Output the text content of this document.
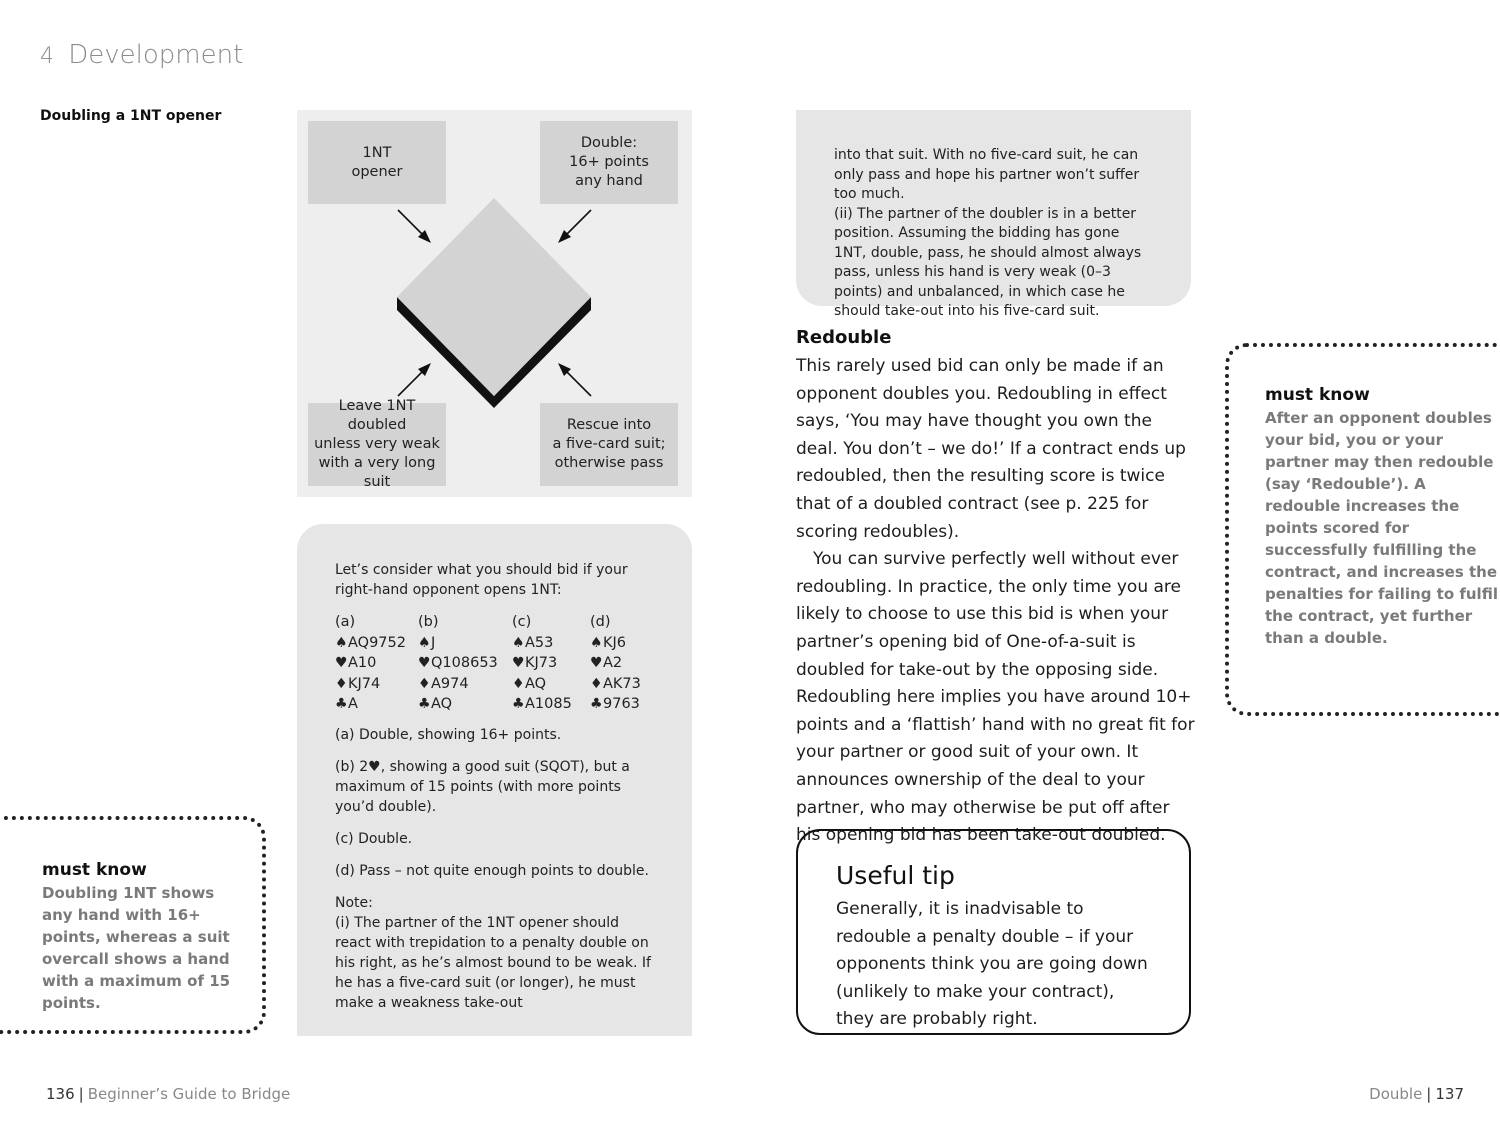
4 Development
Doubling a 1NT opener
1NT
opener
Double:
16+ points
any hand
Leave 1NT doubled
unless very weak
with a very long suit
Rescue into
a five-card suit;
otherwise pass

Let’s consider what you should bid if your right-hand opponent opens 1NT:

(a)
♠AQ9752
♥A10
♦KJ74
♣A
(b)
♠J
♥Q108653
♦A974
♣AQ
(c)
♠A53
♥KJ73
♦AQ
♣A1085
(d)
♠KJ6
♥A2
♦AK73
♣9763

(a) Double, showing 16+ points.

(b) 2♥, showing a good suit (SQOT), but a maximum of 15 points (with more points you’d double).

(c) Double.

(d) Pass – not quite enough points to double.

Note:

(i) The partner of the 1NT opener should react with trepidation to a penalty double on his right, as he’s almost bound to be weak. If he has a five-card suit (or longer), he must make a weakness take-out

must know

Doubling 1NT shows any hand with 16+ points, whereas a suit overcall shows a hand with a maximum of 15 points.

into that suit. With no five-card suit, he can only pass and hope his partner won’t suffer too much.

(ii) The partner of the doubler is in a better position. Assuming the bidding has gone 1NT, double, pass, he should almost always pass, unless his hand is very weak (0–3 points) and unbalanced, in which case he should take-out into his five-card suit.

Redouble

This rarely used bid can only be made if an opponent doubles you. Redoubling in effect says, ‘You may have thought you own the deal. You don’t – we do!’ If a contract ends up redoubled, then the resulting score is twice that of a doubled contract (see p. 225 for scoring redoubles).

You can survive perfectly well without ever redoubling. In practice, the only time you are likely to choose to use this bid is when your partner’s opening bid of One-of-a-suit is doubled for take-out by the opposing side. Redoubling here implies you have around 10+ points and a ‘flattish’ hand with no great fit for your partner or good suit of your own. It announces ownership of the deal to your partner, who may otherwise be put off after his opening bid has been take-out doubled.

Useful tip

Generally, it is inadvisable to redouble a penalty double – if your opponents think you are going down (unlikely to make your contract), they are probably right.

must know

After an opponent doubles your bid, you or your partner may then redouble (say ‘Redouble’). A redouble increases the points scored for successfully fulfilling the contract, and increases the penalties for failing to fulfil the contract, yet further than a double.

136 | Beginner’s Guide to Bridge	Double | 137
